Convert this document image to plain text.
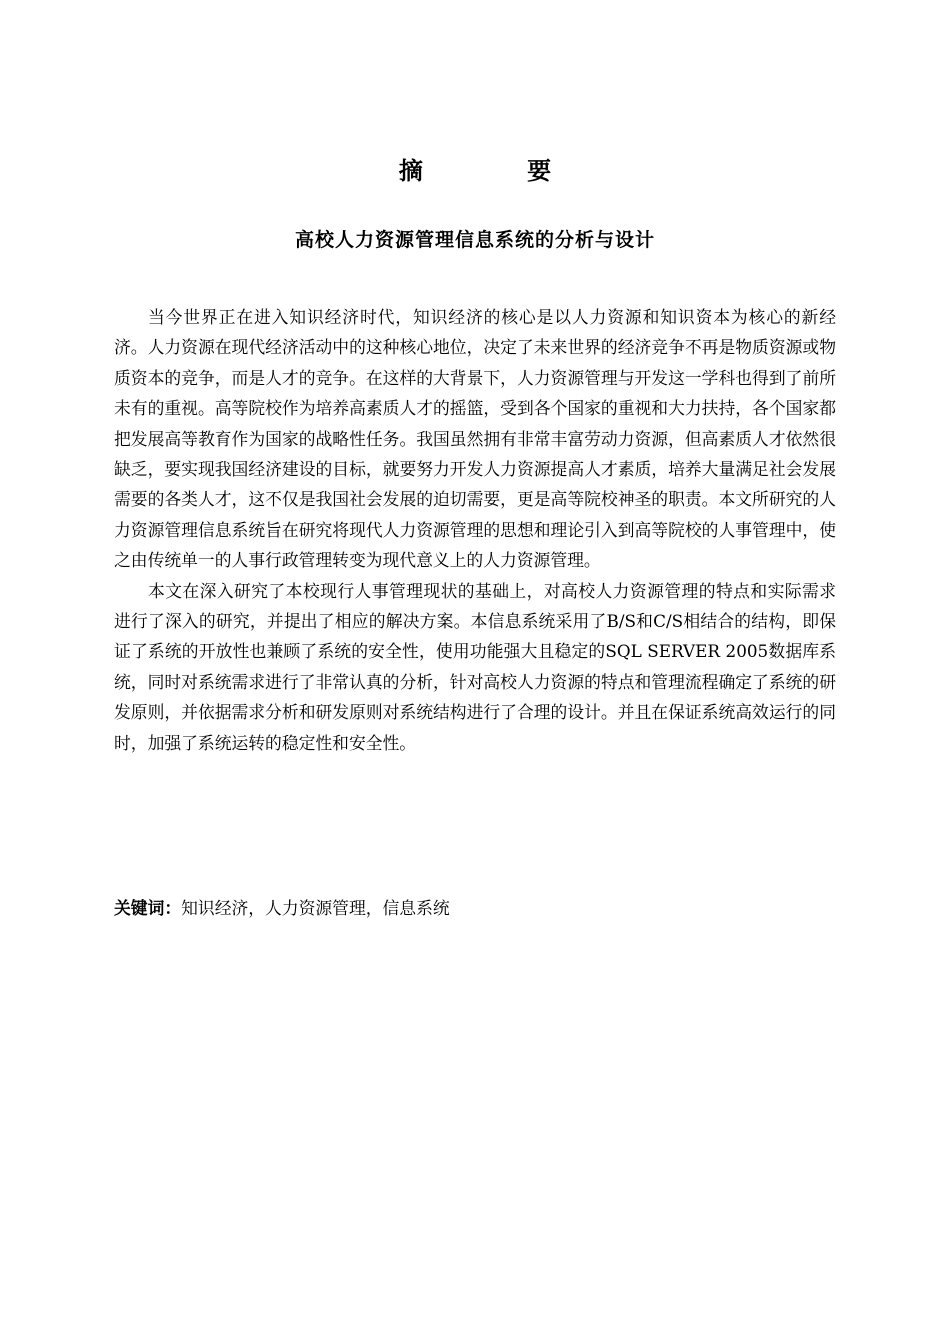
摘 要
高校人力资源管理信息系统的分析与设计

当今世界正在进入知识经济时代，知识经济的核心是以人力资源和知识资本为核心的新经济。人力资源在现代经济活动中的这种核心地位，决定了未来世界的经济竞争不再是物质资源或物质资本的竞争，而是人才的竞争。在这样的大背景下，人力资源管理与开发这一学科也得到了前所未有的重视。高等院校作为培养高素质人才的摇篮，受到各个国家的重视和大力扶持，各个国家都把发展高等教育作为国家的战略性任务。我国虽然拥有非常丰富劳动力资源，但高素质人才依然很缺乏，要实现我国经济建设的目标，就要努力开发人力资源提高人才素质，培养大量满足社会发展需要的各类人才，这不仅是我国社会发展的迫切需要，更是高等院校神圣的职责。本文所研究的人力资源管理信息系统旨在研究将现代人力资源管理的思想和理论引入到高等院校的人事管理中，使之由传统单一的人事行政管理转变为现代意义上的人力资源管理。

本文在深入研究了本校现行人事管理现状的基础上，对高校人力资源管理的特点和实际需求进行了深入的研究，并提出了相应的解决方案。本信息系统采用了B/S和C/S相结合的结构，即保证了系统的开放性也兼顾了系统的安全性，使用功能强大且稳定的SQL SERVER 2005数据库系统，同时对系统需求进行了非常认真的分析，针对高校人力资源的特点和管理流程确定了系统的研发原则，并依据需求分析和研发原则对系统结构进行了合理的设计。并且在保证系统高效运行的同时，加强了系统运转的稳定性和安全性。

关键词：知识经济，人力资源管理，信息系统
